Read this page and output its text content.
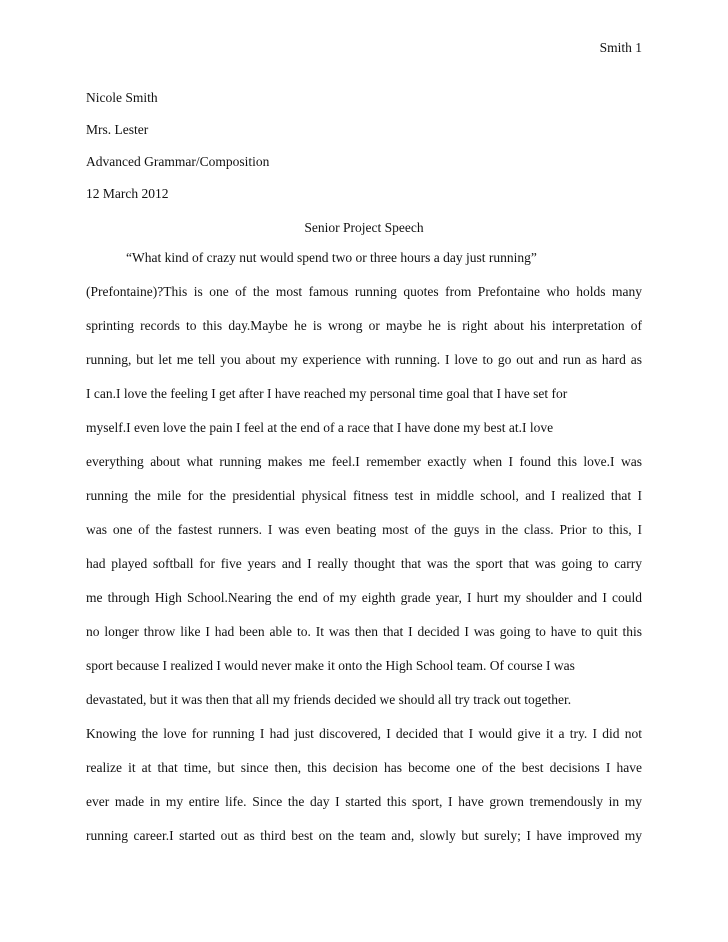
Smith 1
Nicole Smith
Mrs. Lester
Advanced Grammar/Composition
12 March 2012
Senior Project Speech
“What kind of crazy nut would spend two or three hours a day just running”
(Prefontaine)?This is one of the most famous running quotes from Prefontaine who holds many
sprinting records to this day.Maybe he is wrong or maybe he is right about his interpretation of
running, but let me tell you about my experience with running. I love to go out and run as hard as
I can.I love the feeling I get after I have reached my personal time goal that I have set for
myself.I even love the pain I feel at the end of a race that I have done my best at.I love
everything about what running makes me feel.I remember exactly when I found this love.I was
running the mile for the presidential physical fitness test in middle school, and I realized that I
was one of the fastest runners. I was even beating most of the guys in the class. Prior to this, I
had played softball for five years and I really thought that was the sport that was going to carry
me through High School.Nearing the end of my eighth grade year, I hurt my shoulder and I could
no longer throw like I had been able to. It was then that I decided I was going to have to quit this
sport because I realized I would never make it onto the High School team. Of course I was
devastated, but it was then that all my friends decided we should all try track out together.
Knowing the love for running I had just discovered, I decided that I would give it a try. I did not
realize it at that time, but since then, this decision has become one of the best decisions I have
ever made in my entire life. Since the day I started this sport, I have grown tremendously in my
running career.I started out as third best on the team and, slowly but surely; I have improved my
